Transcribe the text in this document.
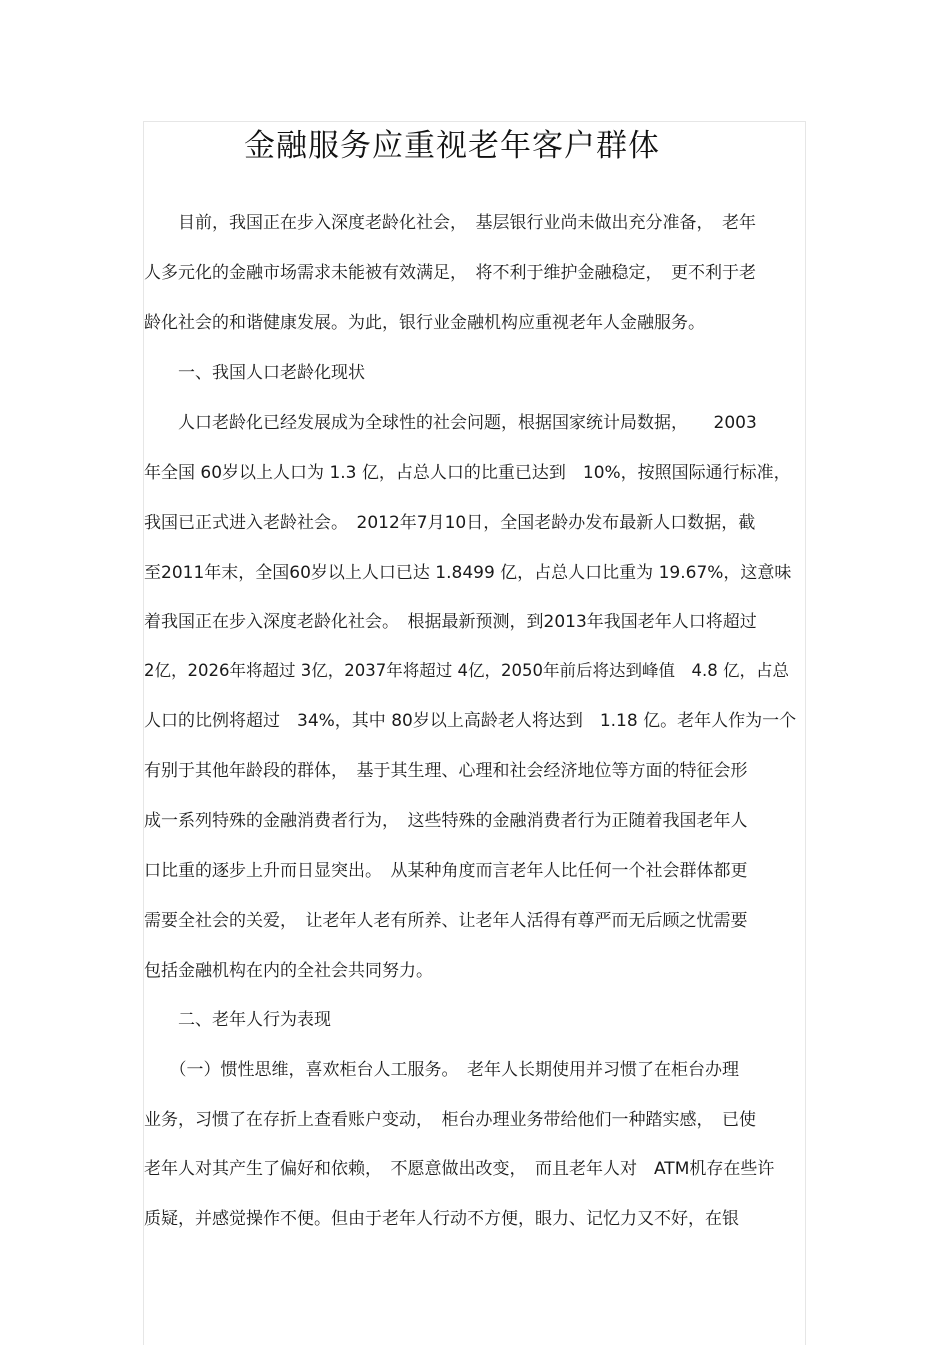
金融服务应重视老年客户群体
　　目前，我国正在步入深度老龄化社会，　基层银行业尚未做出充分准备，　老年
人多元化的金融市场需求未能被有效满足，　将不利于维护金融稳定，　更不利于老
龄化社会的和谐健康发展。为此，银行业金融机构应重视老年人金融服务。
　　一、我国人口老龄化现状
　　人口老龄化已经发展成为全球性的社会问题，根据国家统计局数据，　　2003
年全国 60岁以上人口为 1.3 亿，占总人口的比重已达到　10%，按照国际通行标准，
我国已正式进入老龄社会。　2012年7月10日，全国老龄办发布最新人口数据，截
至2011年末，全国60岁以上人口已达 1.8499 亿，占总人口比重为 19.67%，这意味
着我国正在步入深度老龄化社会。　根据最新预测，到2013年我国老年人口将超过
2亿，2026年将超过 3亿，2037年将超过 4亿，2050年前后将达到峰值　4.8 亿，占总
人口的比例将超过　34%，其中 80岁以上高龄老人将达到　1.18 亿。老年人作为一个
有别于其他年龄段的群体，　基于其生理、心理和社会经济地位等方面的特征会形
成一系列特殊的金融消费者行为，　这些特殊的金融消费者行为正随着我国老年人
口比重的逐步上升而日显突出。　从某种角度而言老年人比任何一个社会群体都更
需要全社会的关爱，　让老年人老有所养、让老年人活得有尊严而无后顾之忧需要
包括金融机构在内的全社会共同努力。
　　二、老年人行为表现
　　（一）惯性思维，喜欢柜台人工服务。　老年人长期使用并习惯了在柜台办理
业务，习惯了在存折上查看账户变动，　柜台办理业务带给他们一种踏实感，　已使
老年人对其产生了偏好和依赖，　不愿意做出改变，　而且老年人对　ATM机存在些许
质疑，并感觉操作不便。但由于老年人行动不方便，眼力、记忆力又不好，在银
